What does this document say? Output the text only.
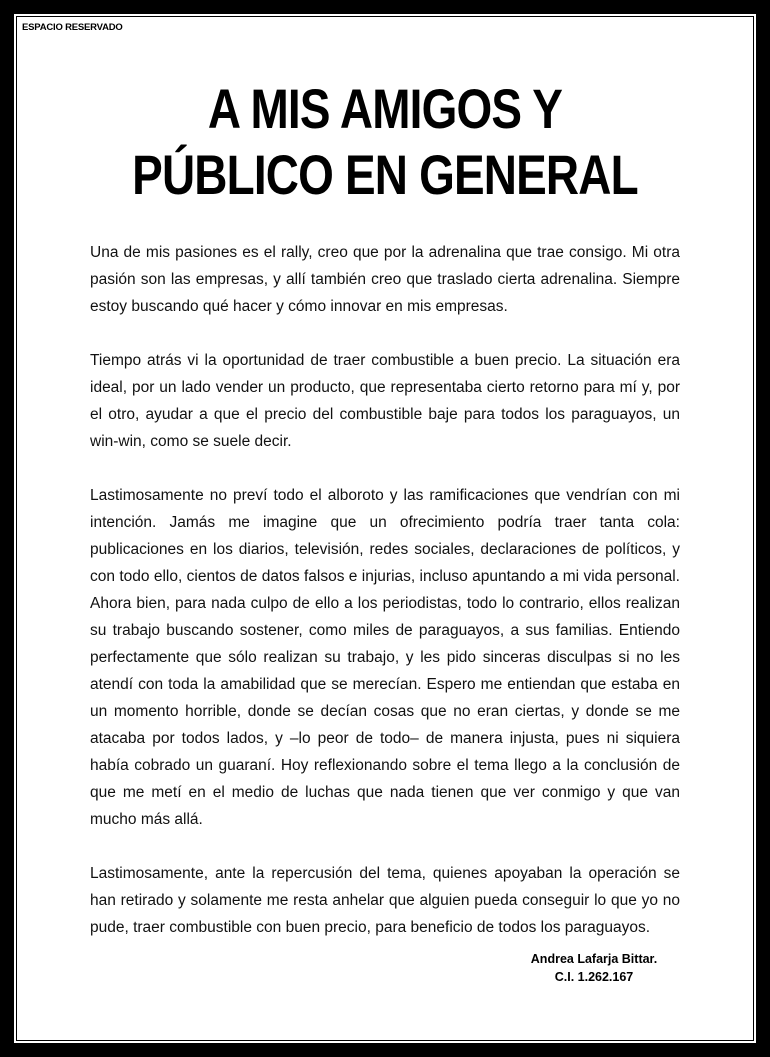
ESPACIO RESERVADO
A MIS AMIGOS Y
PÚBLICO EN GENERAL

Una de mis pasiones es el rally, creo que por la adrenalina que trae consigo. Mi otra pasión son las empresas, y allí también creo que traslado cierta adrenalina. Siempre estoy buscando qué hacer y cómo innovar en mis empresas.

Tiempo atrás vi la oportunidad de traer combustible a buen precio. La situación era ideal, por un lado vender un producto, que representaba cierto retorno para mí y, por el otro, ayudar a que el precio del combustible baje para todos los paraguayos, un win-win, como se suele decir.

Lastimosamente no preví todo el alboroto y las ramificaciones que vendrían con mi intención. Jamás me imagine que un ofrecimiento podría traer tanta cola: publicaciones en los diarios, televisión, redes sociales, declaraciones de políticos, y con todo ello, cientos de datos falsos e injurias, incluso apuntando a mi vida personal. Ahora bien, para nada culpo de ello a los periodistas, todo lo contrario, ellos realizan su trabajo buscando sostener, como miles de paraguayos, a sus familias. Entiendo perfectamente que sólo realizan su trabajo, y les pido sinceras disculpas si no les atendí con toda la amabilidad que se merecían. Espero me entiendan que estaba en un momento horrible, donde se decían cosas que no eran ciertas, y donde se me atacaba por todos lados, y –lo peor de todo– de manera injusta, pues ni siquiera había cobrado un guaraní. Hoy reflexionando sobre el tema llego a la conclusión de que me metí en el medio de luchas que nada tienen que ver conmigo y que van mucho más allá.

Lastimosamente, ante la repercusión del tema, quienes apoyaban la operación se han retirado y solamente me resta anhelar que alguien pueda conseguir lo que yo no pude, traer combustible con buen precio, para beneficio de todos los paraguayos.

Andrea Lafarja Bittar.
C.I. 1.262.167
